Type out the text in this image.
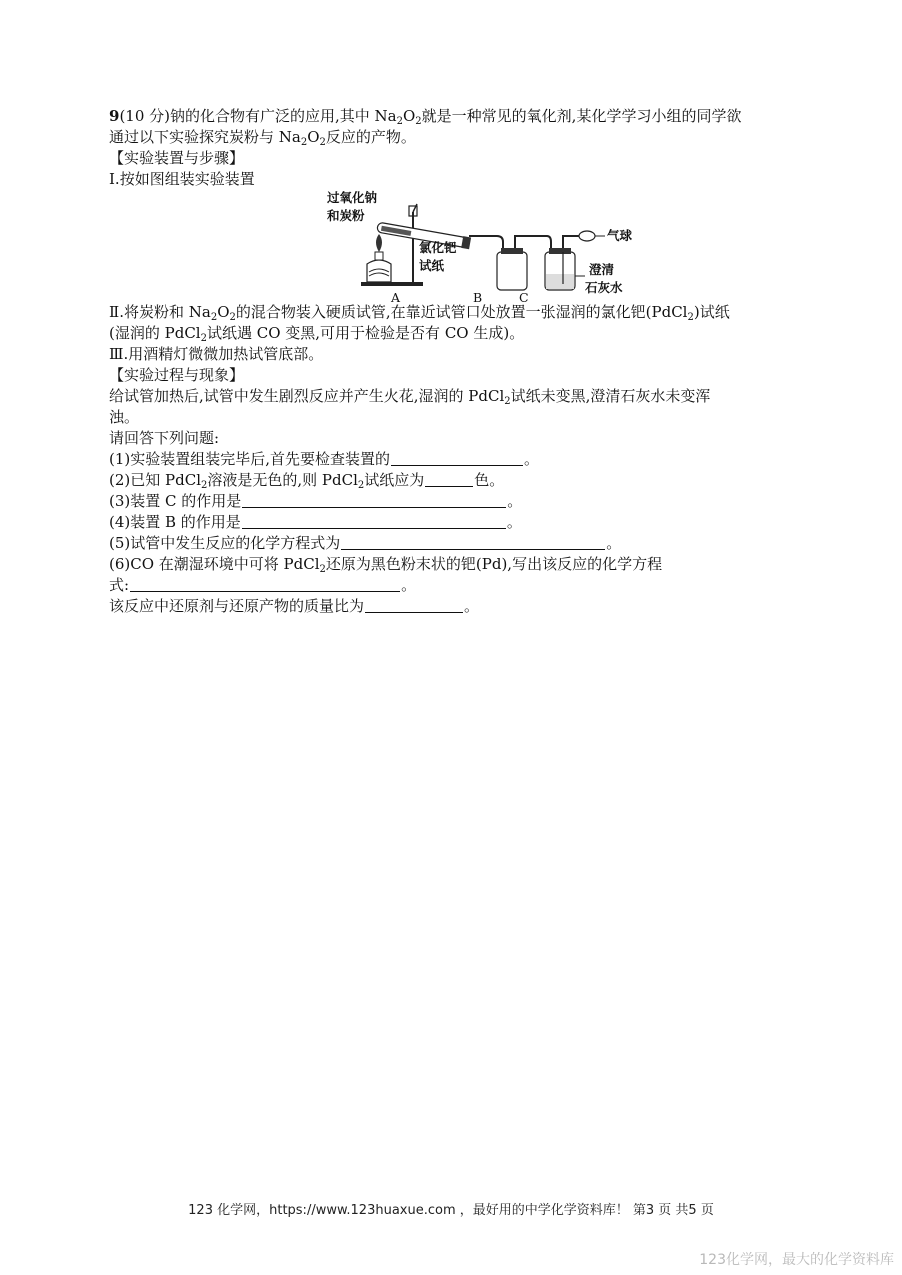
9(10 分)钠的化合物有广泛的应用,其中 $Na_2O_2$就是一种常见的氧化剂,某化学学习小组的同学欲
通过以下实验探究炭粉与 $Na_2O_2$反应的产物。
【实验装置与步骤】
Ⅰ.按如图组装实验装置
过氧化钠
和炭粉
氯化钯
试纸
气球
澄清
石灰水
A	B	C
Ⅱ.将炭粉和 $Na_2O_2$的混合物装入硬质试管,在靠近试管口处放置一张湿润的氯化钯(PdCl$_2$)试纸
(湿润的 PdCl$_2$试纸遇 CO 变黑,可用于检验是否有 CO 生成)。
Ⅲ.用酒精灯微微加热试管底部。
【实验过程与现象】
给试管加热后,试管中发生剧烈反应并产生火花,湿润的 PdCl$_2$试纸未变黑,澄清石灰水未变浑
浊。
请回答下列问题:
(1)实验装置组装完毕后,首先要检查装置的	。
(2)已知 PdCl$_2$溶液是无色的,则 PdCl$_2$试纸应为	色。
(3)装置 C 的作用是	。
(4)装置 B 的作用是	。
(5)试管中发生反应的化学方程式为	。
(6)CO 在潮湿环境中可将 PdCl$_2$还原为黑色粉末状的钯(Pd),写出该反应的化学方程
式:	。
该反应中还原剂与还原产物的质量比为	。
123 化学网，https://www.123huaxue.com ，最好用的中学化学资料库！ 第3 页 共5 页
123化学网，最大的化学资料库
